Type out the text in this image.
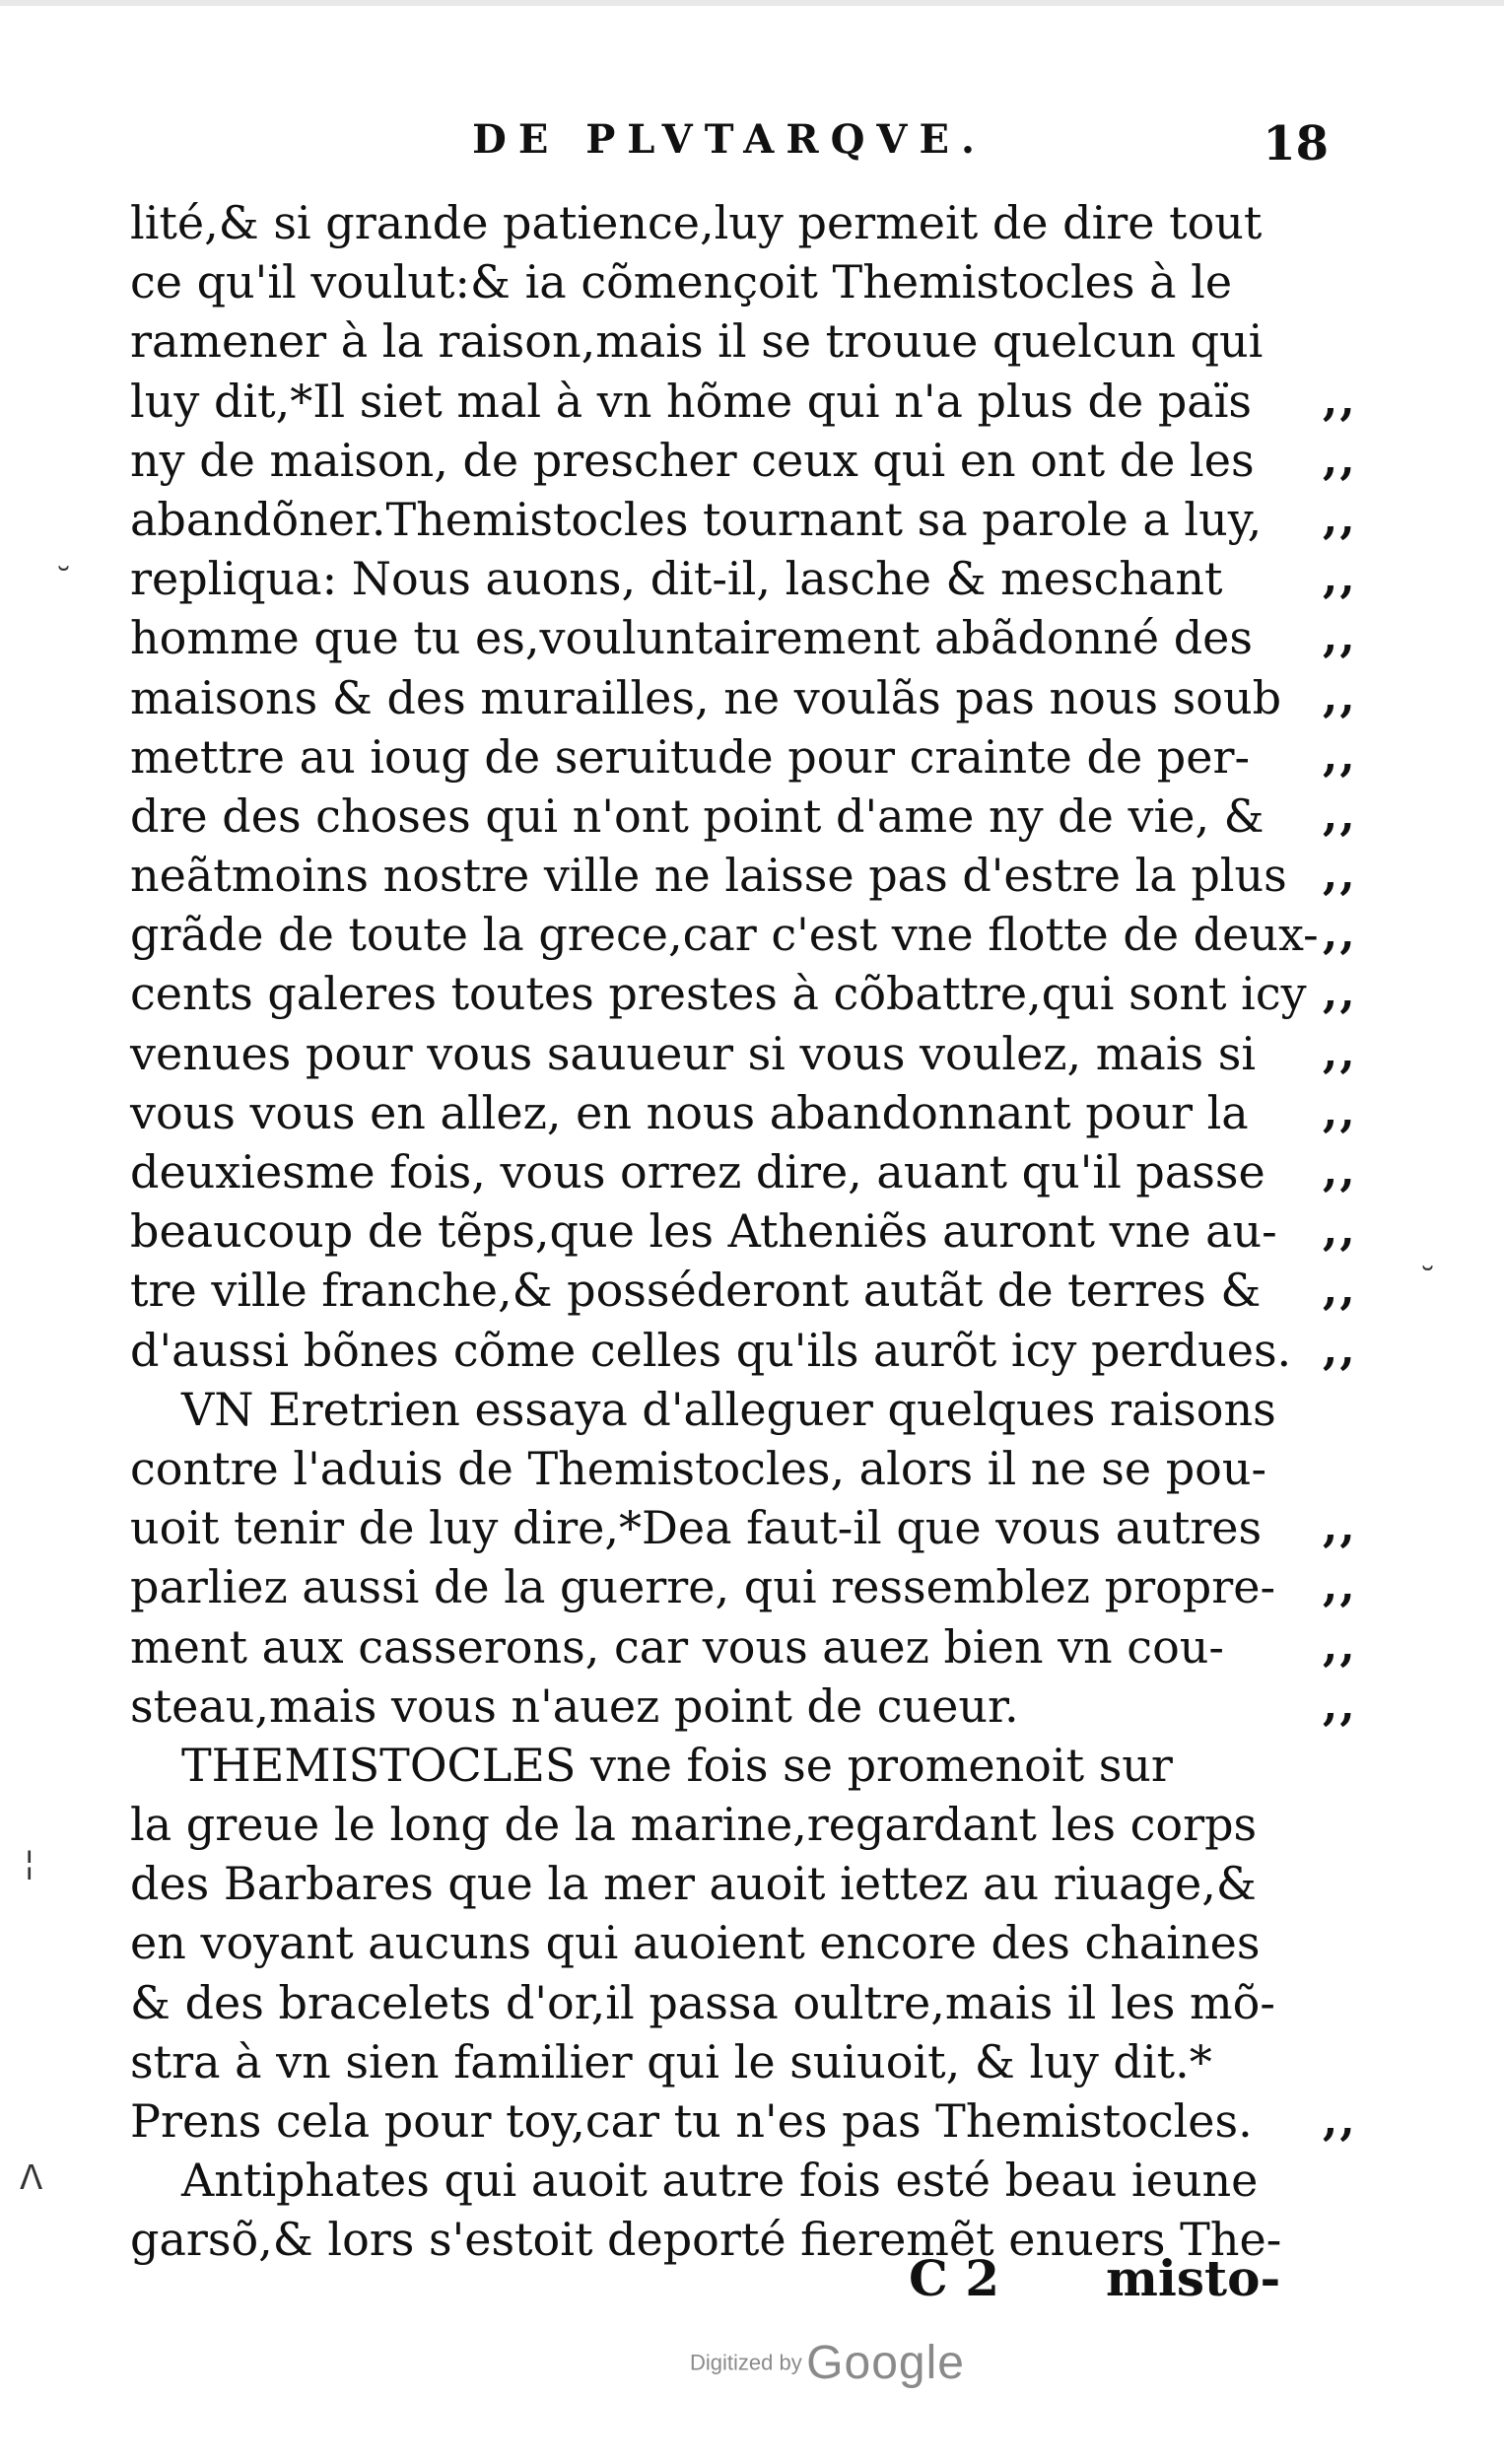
DE PLVTARQVE.	18
lité,& si grande patience,luy permeit de dire tout
ce qu'il voulut:& ia cõmençoit Themistocles à le
ramener à la raison,mais il se trouue quelcun qui
luy dit,*Il siet mal à vn hõme qui n'a plus de païs ,,
ny de maison, de prescher ceux qui en ont de les ,,
abandõner.Themistocles tournant sa parole a luy, ,,
repliqua: Nous auons, dit-il, lasche & meschant ,,
homme que tu es,vouluntairement abãdonné des ,,
maisons & des murailles, ne voulãs pas nous soub ,,
mettre au ioug de seruitude pour crainte de per- ,,
dre des choses qui n'ont point d'ame ny de vie, & ,,
neãtmoins nostre ville ne laisse pas d'estre la plus ,,
grãde de toute la grece,car c'est vne flotte de deux- ,,
cents galeres toutes prestes à cõbattre,qui sont icy ,,
venues pour vous sauueur si vous voulez, mais si ,,
vous vous en allez, en nous abandonnant pour la ,,
deuxiesme fois, vous orrez dire, auant qu'il passe ,,
beaucoup de tẽps,que les Atheniẽs auront vne au- ,,
tre ville franche,& posséderont autãt de terres & ,,
d'aussi bõnes cõme celles qu'ils aurõt icy perdues. ,,
VN Eretrien essaya d'alleguer quelques raisons
contre l'aduis de Themistocles, alors il ne se pou-
uoit tenir de luy dire,*Dea faut-il que vous autres ,,
parliez aussi de la guerre, qui ressemblez propre- ,,
ment aux casserons, car vous auez bien vn cou- ,,
steau,mais vous n'auez point de cueur.	,,
THEMISTOCLES vne fois se promenoit sur
la greue le long de la marine,regardant les corps
des Barbares que la mer auoit iettez au riuage,&
en voyant aucuns qui auoient encore des chaines
& des bracelets d'or,il passa oultre,mais il les mõ-
stra à vn sien familier qui le suiuoit, & luy dit.*
Prens cela pour toy,car tu n'es pas Themistocles. ,,
Antiphates qui auoit autre fois esté beau ieune
garsõ,& lors s'estoit deporté fieremẽt enuers The-
C 2 misto-
Digitized by Google
˘
˘
¦
ᐱ
